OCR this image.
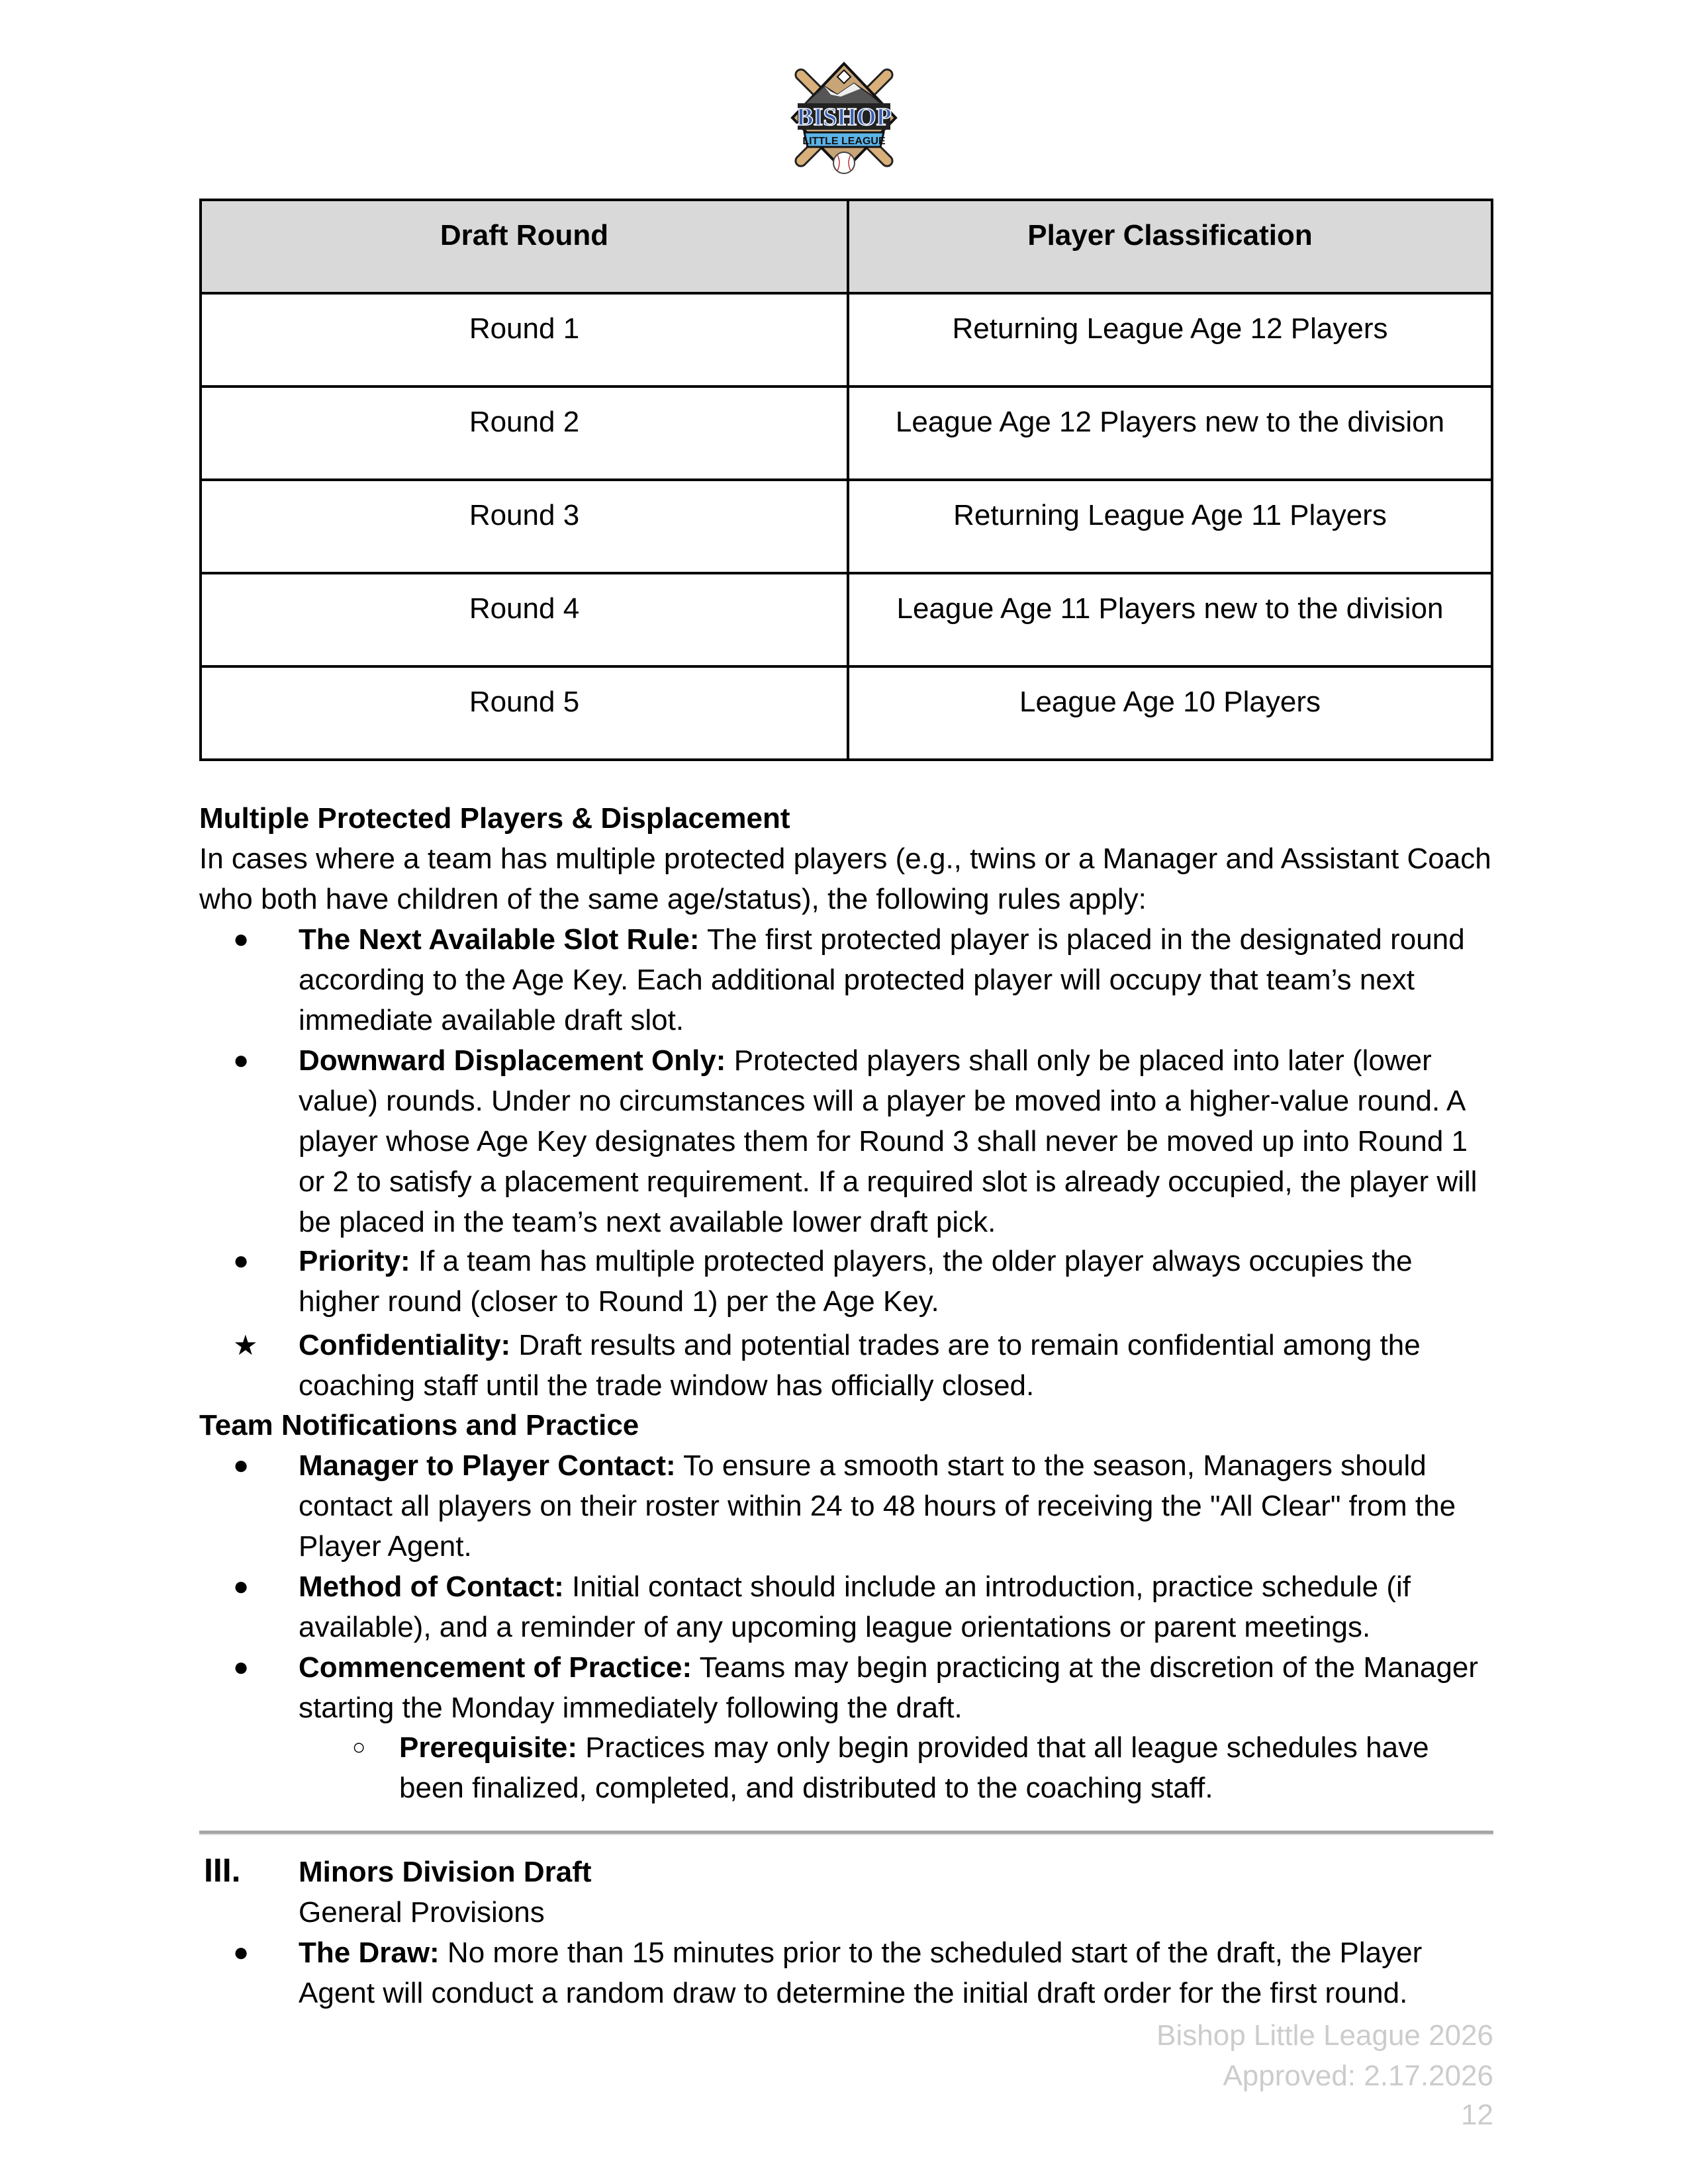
BISHOP
LITTLE LEAGUE
Draft Round	Player Classification

Round 1	Returning League Age 12 Players

Round 2	League Age 12 Players new to the division

Round 3	Returning League Age 11 Players

Round 4	League Age 11 Players new to the division

Round 5	League Age 10 Players
Multiple Protected Players & Displacement
In cases where a team has multiple protected players (e.g., twins or a Manager and Assistant Coach who both have children of the same age/status), the following rules apply:
● The Next Available Slot Rule: The first protected player is placed in the designated round according to the Age Key. Each additional protected player will occupy that team’s next immediate available draft slot.
● Downward Displacement Only: Protected players shall only be placed into later (lower value) rounds. Under no circumstances will a player be moved into a higher-value round. A player whose Age Key designates them for Round 3 shall never be moved up into Round 1 or 2 to satisfy a placement requirement. If a required slot is already occupied, the player will be placed in the team’s next available lower draft pick.
● Priority: If a team has multiple protected players, the older player always occupies the higher round (closer to Round 1) per the Age Key.
★ Confidentiality: Draft results and potential trades are to remain confidential among the coaching staff until the trade window has officially closed.
Team Notifications and Practice
● Manager to Player Contact: To ensure a smooth start to the season, Managers should contact all players on their roster within 24 to 48 hours of receiving the "All Clear" from the Player Agent.
● Method of Contact: Initial contact should include an introduction, practice schedule (if available), and a reminder of any upcoming league orientations or parent meetings.
● Commencement of Practice: Teams may begin practicing at the discretion of the Manager starting the Monday immediately following the draft.
○ Prerequisite: Practices may only begin provided that all league schedules have been finalized, completed, and distributed to the coaching staff.
III. Minors Division Draft
General Provisions
● The Draw: No more than 15 minutes prior to the scheduled start of the draft, the Player Agent will conduct a random draw to determine the initial draft order for the first round.
Bishop Little League 2026
Approved: 2.17.2026
12
